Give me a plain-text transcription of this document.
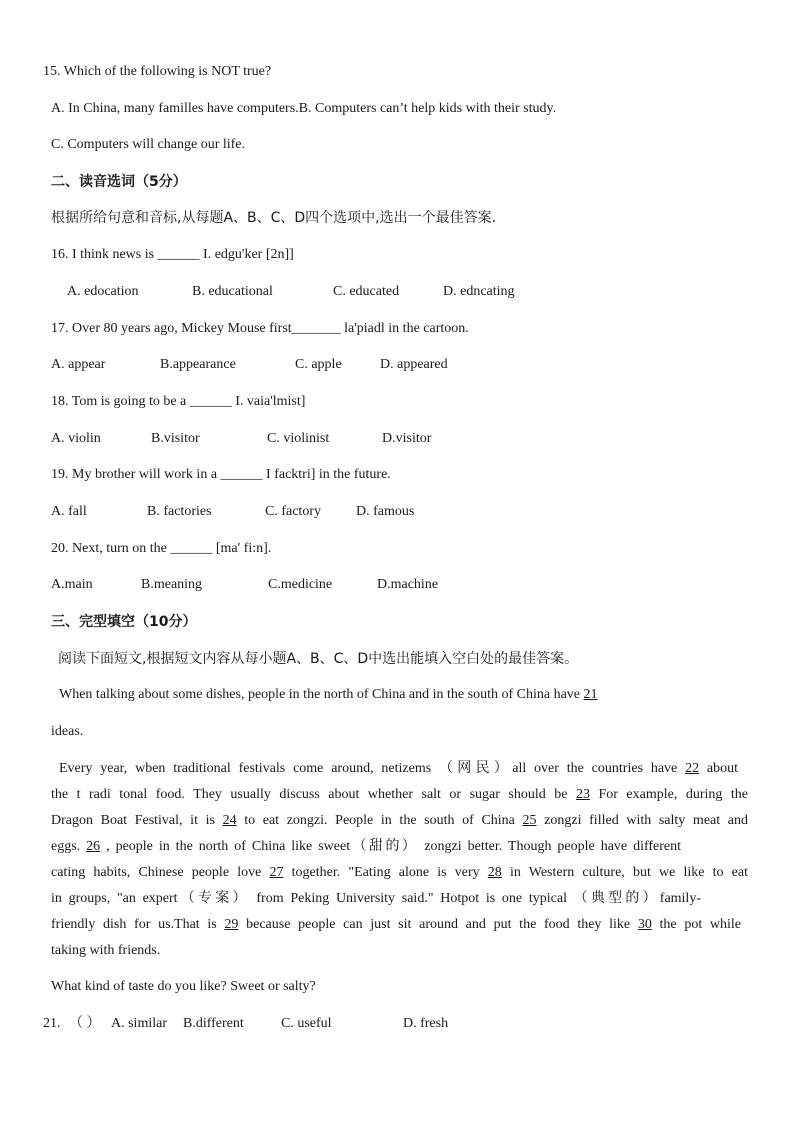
15. Which of the following is NOT true?
A. In China, many familles have computers.B. Computers can’t help kids with their study.
C. Computers will change our life.
二、读音选词（5分）
根据所给句意和音标,从每题A、B、C、D四个选项中,选出一个最佳答案.
16. I think news is ______ I. edgu'ker [2n]]
A. edocation	B. educational	C. educated	D. edncating
17. Over 80 years ago, Mickey Mouse first_______ la'piadl in the cartoon.
A. appear	B.appearance	C. apple	D. appeared
18. Tom is going to be a ______ I. vaia'lmist]
A. violin	B.visitor	C. violinist	D.visitor
19. My brother will work in a ______ I facktri] in the future.
A. fall	B. factories	C. factory	D. famous
20. Next, turn on the ______ [ma' fi:n].
A.main	B.meaning	C.medicine	D.machine
三、完型填空（10分）
阅读下面短文,根据短文内容从每小题A、B、C、D中选出能填入空白处的最佳答案。
When talking about some dishes, people in the north of China and in the south of China have 21
ideas.
Every year, wben traditional festivals come around, netizems （网民）all over the countries have 22 about
the t radi tonal food. They usually discuss about whether salt or sugar should be 23 For example, during the
Dragon Boat Festival, it is 24 to eat zongzi. People in the south of China 25 zongzi filled with salty meat and
eggs. 26 , people in the north of China like sweet（甜的） zongzi better. Though people have different
cating habits, Chinese people love 27 together. "Eating alone is very 28 in Western culture, but we like to eat
in groups, "an expert（专案） from Peking University said." Hotpot is one typical （典型的）family-
friendly dish for us.That is 29 because people can just sit around and put the food they like 30 the pot while
taking with friends.
What kind of taste do you like? Sweet or salty?
21. （ ） A. similar B.different	C. useful	D. fresh
